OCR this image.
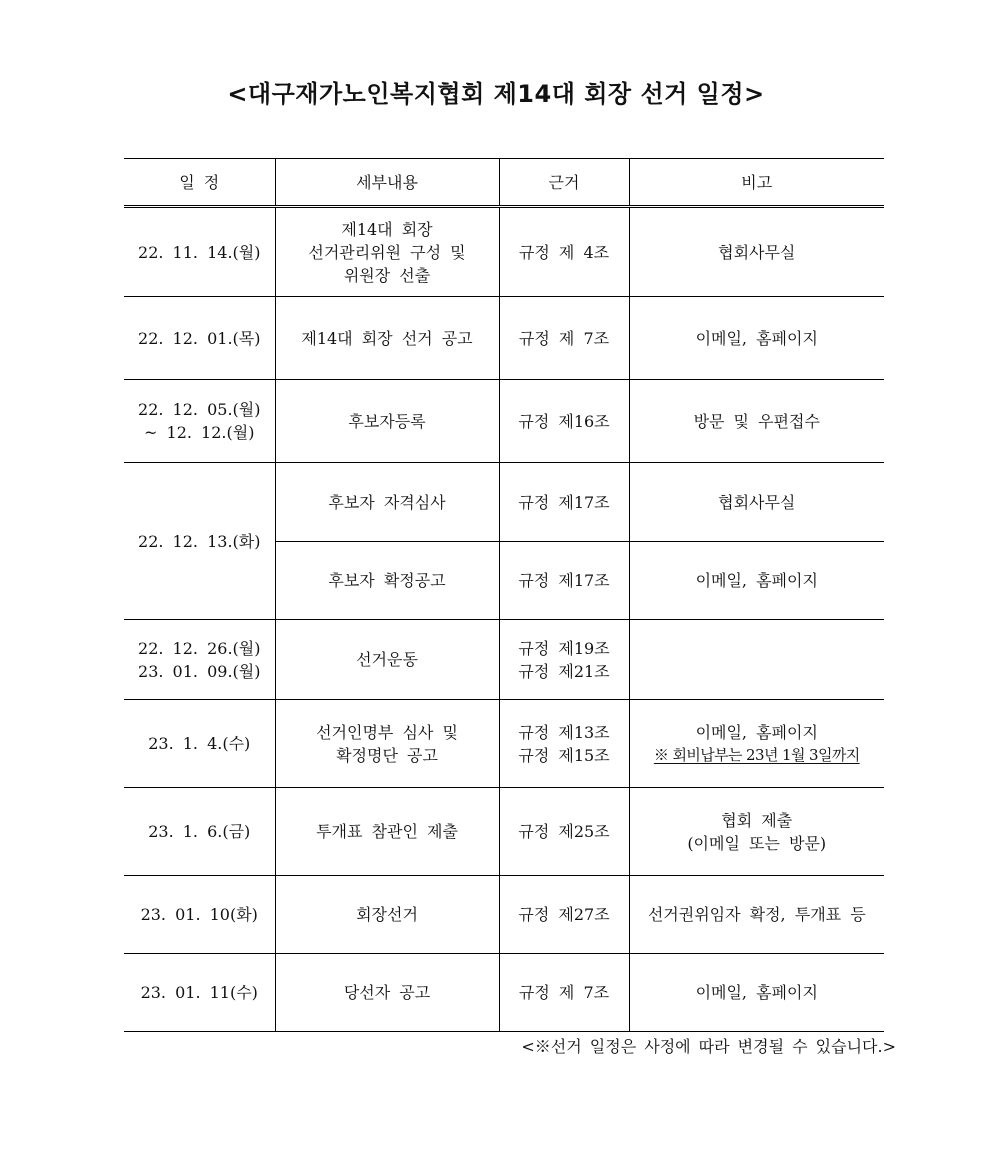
<대구재가노인복지협회 제14대 회장 선거 일정>
일 정	세부내용	근거	비고

22. 11. 14.(월)	제14대 회장
선거관리위원 구성 및
위원장 선출	규정 제 4조	협회사무실

22. 12. 01.(목)	제14대 회장 선거 공고	규정 제 7조	이메일, 홈페이지

22. 12. 05.(월)
~ 12. 12.(월)	후보자등록	규정 제16조	방문 및 우편접수

22. 12. 13.(화)	후보자 자격심사	규정 제17조	협회사무실

	후보자 확정공고	규정 제17조	이메일, 홈페이지

22. 12. 26.(월)
23. 01. 09.(월)	선거운동	규정 제19조
규정 제21조	

23. 1. 4.(수)	선거인명부 심사 및
확정명단 공고	규정 제13조
규정 제15조	이메일, 홈페이지
※ 회비납부는 23년 1월 3일까지

23. 1. 6.(금)	투개표 참관인 제출	규정 제25조	협회 제출
(이메일 또는 방문)

23. 01. 10(화)	회장선거	규정 제27조	선거권위임자 확정, 투개표 등

23. 01. 11(수)	당선자 공고	규정 제 7조	이메일, 홈페이지
<※선거 일정은 사정에 따라 변경될 수 있습니다.>
